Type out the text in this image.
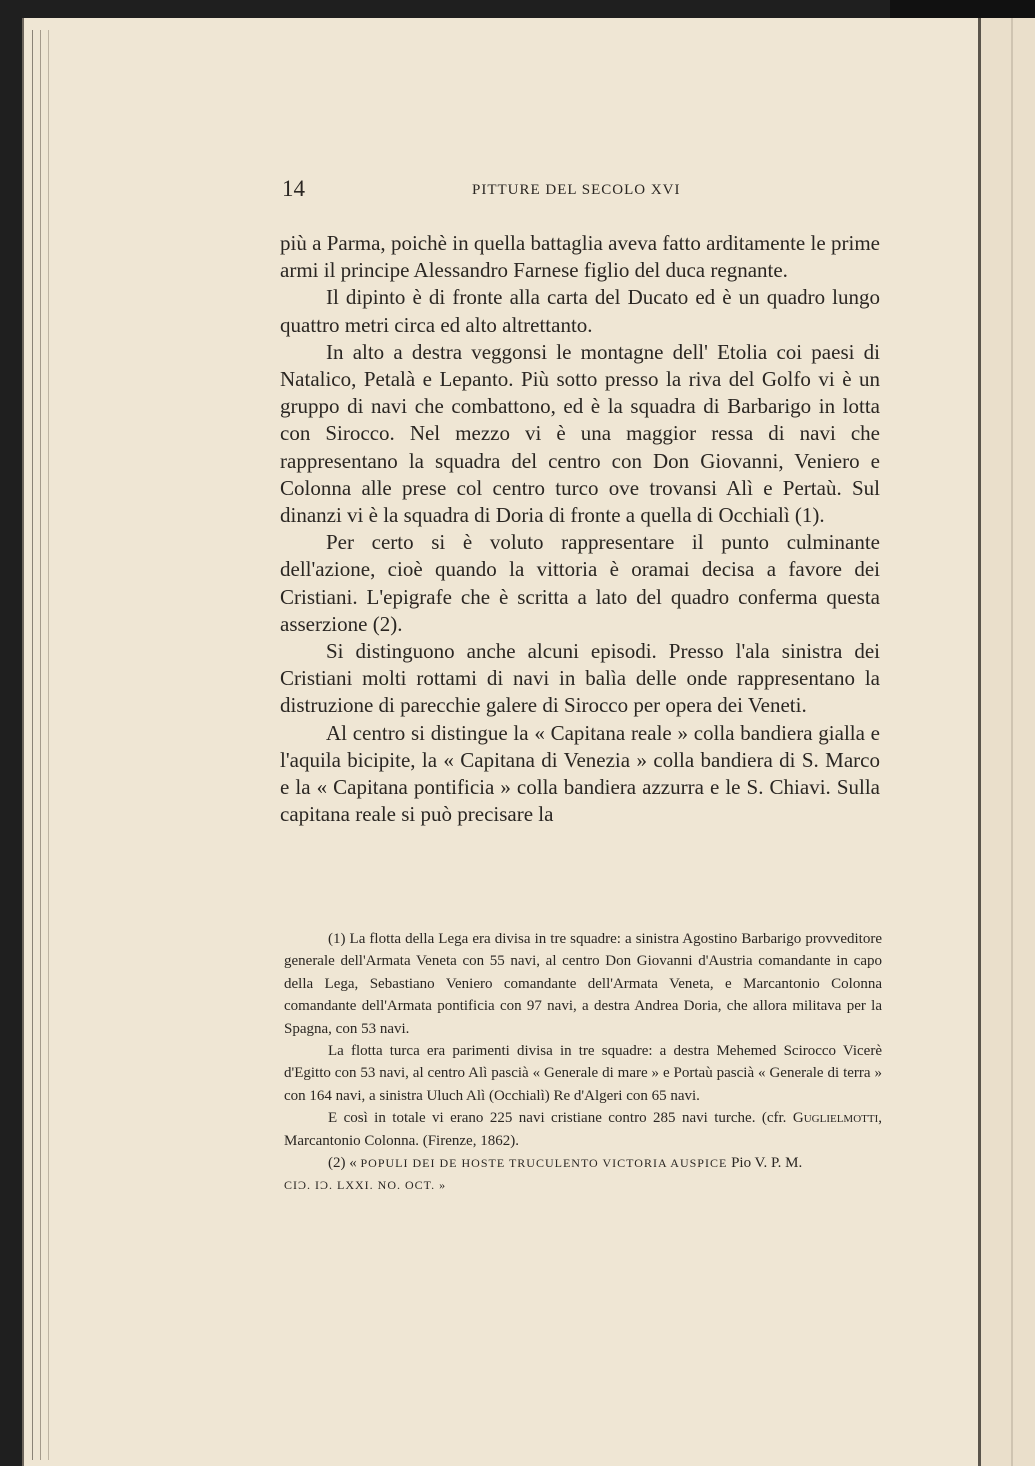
14	PITTURE DEL SECOLO XVI

più a Parma, poichè in quella battaglia aveva fatto arditamente le prime armi il principe Alessandro Farnese figlio del duca regnante.

Il dipinto è di fronte alla carta del Ducato ed è un quadro lungo quattro metri circa ed alto altrettanto.

In alto a destra veggonsi le montagne dell' Etolia coi paesi di Natalico, Petalà e Lepanto. Più sotto presso la riva del Golfo vi è un gruppo di navi che combattono, ed è la squadra di Barbarigo in lotta con Sirocco. Nel mezzo vi è una maggior ressa di navi che rappresentano la squadra del centro con Don Giovanni, Veniero e Colonna alle prese col centro turco ove trovansi Alì e Pertaù. Sul dinanzi vi è la squadra di Doria di fronte a quella di Occhialì (1).

Per certo si è voluto rappresentare il punto culminante dell'azione, cioè quando la vittoria è oramai decisa a favore dei Cristiani. L'epigrafe che è scritta a lato del quadro conferma questa asserzione (2).

Si distinguono anche alcuni episodi. Presso l'ala sinistra dei Cristiani molti rottami di navi in balìa delle onde rappresentano la distruzione di parecchie galere di Sirocco per opera dei Veneti.

Al centro si distingue la « Capitana reale » colla bandiera gialla e l'aquila bicipite, la « Capitana di Venezia » colla bandiera di S. Marco e la « Capitana pontificia » colla bandiera azzurra e le S. Chiavi. Sulla capitana reale si può precisare la

(1) La flotta della Lega era divisa in tre squadre: a sinistra Agostino Barbarigo provveditore generale dell'Armata Veneta con 55 navi, al centro Don Giovanni d'Austria comandante in capo della Lega, Sebastiano Veniero comandante dell'Armata Veneta, e Marcantonio Colonna comandante dell'Armata pontificia con 97 navi, a destra Andrea Doria, che allora militava per la Spagna, con 53 navi.

La flotta turca era parimenti divisa in tre squadre: a destra Mehemed Scirocco Vicerè d'Egitto con 53 navi, al centro Alì pascià « Generale di mare » e Portaù pascià « Generale di terra » con 164 navi, a sinistra Uluch Alì (Occhialì) Re d'Algeri con 65 navi.

E così in totale vi erano 225 navi cristiane contro 285 navi turche. (cfr. Guglielmotti, Marcantonio Colonna. (Firenze, 1862).

(2) « POPULI DEI DE HOSTE TRUCULENTO VICTORIA AUSPICE Pio V. P. M.

CIƆ. IƆ. LXXI. NO. OCT. »
